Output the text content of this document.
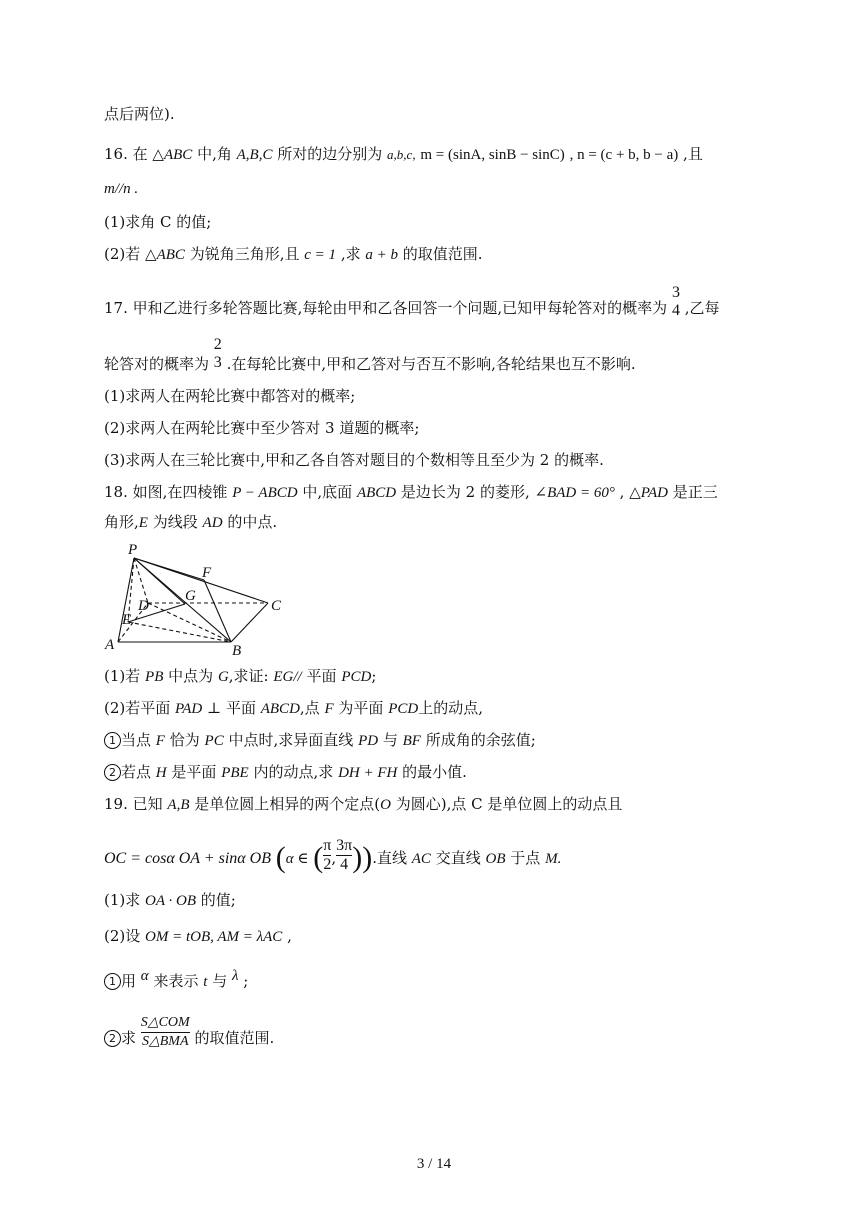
点后两位).
16. 在 △ABC 中,角 A,B,C 所对的边分别为 a,b,c, m = (sinA, sinB − sinC) , n = (c + b, b − a) ,且
m//n .
(1)求角 C 的值;
(2)若 △ABC 为锐角三角形,且 c = 1 ,求 a + b 的取值范围.
17. 甲和乙进行多轮答题比赛,每轮由甲和乙各回答一个问题,已知甲每轮答对的概率为
3
4 ,乙每
轮答对的概率为
2
3 .在每轮比赛中,甲和乙答对与否互不影响,各轮结果也互不影响.
(1)求两人在两轮比赛中都答对的概率;
(2)求两人在两轮比赛中至少答对 3 道题的概率;
(3)求两人在三轮比赛中,甲和乙各自答对题目的个数相等且至少为 2 的概率.
18. 如图,在四棱锥 P − ABCD 中,底面 ABCD 是边长为 2 的菱形, ∠BAD = 60° , △PAD 是正三
角形,E 为线段 AD 的中点.
P
F
D
G
C
E
A	B
(1)若 PB 中点为 G,求证: EG// 平面 PCD;
(2)若平面 PAD ⊥ 平面 ABCD,点 F 为平面 PCD上的动点,
1 当点 F 恰为 PC 中点时,求异面直线 PD 与 BF 所成角的余弦值;
2 若点 H 是平面 PBE 内的动点,求 DH + FH 的最小值.
19. 已知 A,B 是单位圆上相异的两个定点(O 为圆心),点 C 是单位圆上的动点且
OC = cosα OA + sinα OB (α ∈ ( $\frac{\pi}{2}$ , $\frac{3\pi}{4}$ )).直线 AC 交直线 OB 于点 M.
(1)求 OA · OB 的值;
(2)设 OM = tOB, AM = λAC ,
1 用 α 来表示 t 与 λ ;
2 求 $\frac{\text{S△COM}}{\text{S△BMA}}$ 的取值范围.
3 / 14
